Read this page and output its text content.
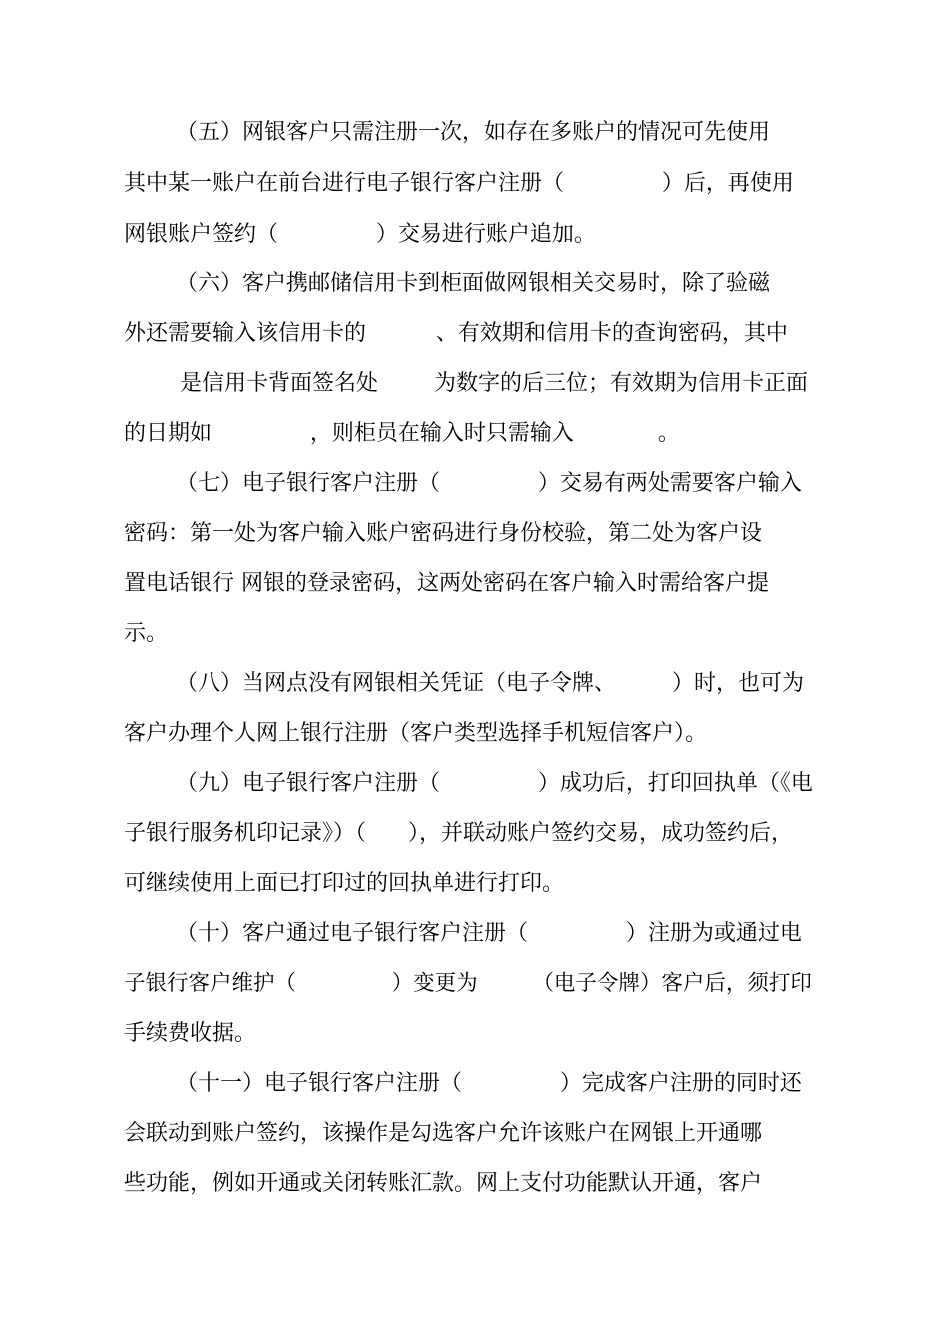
（五）网银客户只需注册一次，如存在多账户的情况可先使用
其中某一账户在前台进行电子银行客户注册（              ）后，再使用
网银账户签约（              ）交易进行账户追加。
（六）客户携邮储信用卡到柜面做网银相关交易时，除了验磁
外还需要输入该信用卡的          、有效期和信用卡的查询密码，其中
是信用卡背面签名处        为数字的后三位；有效期为信用卡正面
的日期如              ，则柜员在输入时只需输入            。
（七）电子银行客户注册（              ）交易有两处需要客户输入
密码：第一处为客户输入账户密码进行身份校验，第二处为客户设
置电话银行 网银的登录密码，这两处密码在客户输入时需给客户提
示。
（八）当网点没有网银相关凭证（电子令牌、        ）时，也可为
客户办理个人网上银行注册（客户类型选择手机短信客户）。
（九）电子银行客户注册（              ）成功后，打印回执单（《电
子银行服务机印记录》）（      ），并联动账户签约交易，成功签约后，
可继续使用上面已打印过的回执单进行打印。
（十）客户通过电子银行客户注册（              ）注册为或通过电
子银行客户维护（              ）变更为        （电子令牌）客户后，须打印
手续费收据。
（十一）电子银行客户注册（              ）完成客户注册的同时还
会联动到账户签约，该操作是勾选客户允许该账户在网银上开通哪
些功能，例如开通或关闭转账汇款。网上支付功能默认开通，客户
